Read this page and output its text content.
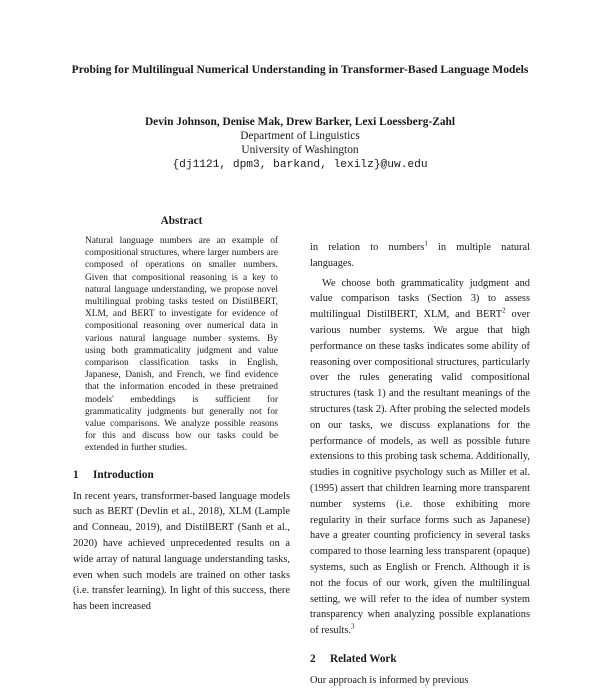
Probing for Multilingual Numerical Understanding in Transformer-Based Language Models
Devin Johnson, Denise Mak, Drew Barker, Lexi Loessberg-Zahl
Department of Linguistics
University of Washington
{dj1121, dpm3, barkand, lexilz}@uw.edu
Abstract
Natural language numbers are an example of compositional structures, where larger numbers are composed of operations on smaller numbers. Given that compositional reasoning is a key to natural language understanding, we propose novel multilingual probing tasks tested on DistilBERT, XLM, and BERT to investigate for evidence of compositional reasoning over numerical data in various natural language number systems. By using both grammaticality judgment and value comparison classification tasks in English, Japanese, Danish, and French, we find evidence that the information encoded in these pretrained models' embeddings is sufficient for grammaticality judgments but generally not for value comparisons. We analyze possible reasons for this and discuss how our tasks could be extended in further studies.
1 Introduction

In recent years, transformer-based language models such as BERT (Devlin et al., 2018), XLM (Lample and Conneau, 2019), and DistilBERT (Sanh et al., 2020) have achieved unprecedented results on a wide array of natural language understanding tasks, even when such models are trained on other tasks (i.e. transfer learning). In light of this success, there has been increased

in relation to numbers$^1$ in multiple natural languages.

We choose both grammaticality judgment and value comparison tasks (Section 3) to assess multilingual DistilBERT, XLM, and BERT$^2$ over various number systems. We argue that high performance on these tasks indicates some ability of reasoning over compositional structures, particularly over the rules generating valid compositional structures (task 1) and the resultant meanings of the structures (task 2). After probing the selected models on our tasks, we discuss explanations for the performance of models, as well as possible future extensions to this probing task schema. Additionally, studies in cognitive psychology such as Miller et al. (1995) assert that children learning more transparent number systems (i.e. those exhibiting more regularity in their surface forms such as Japanese) have a greater counting proficiency in several tasks compared to those learning less transparent (opaque) systems, such as English or French. Although it is not the focus of our work, given the multilingual setting, we will refer to the idea of number system transparency when analyzing possible explanations of results.$^3$

2 Related Work

Our approach is informed by previous
